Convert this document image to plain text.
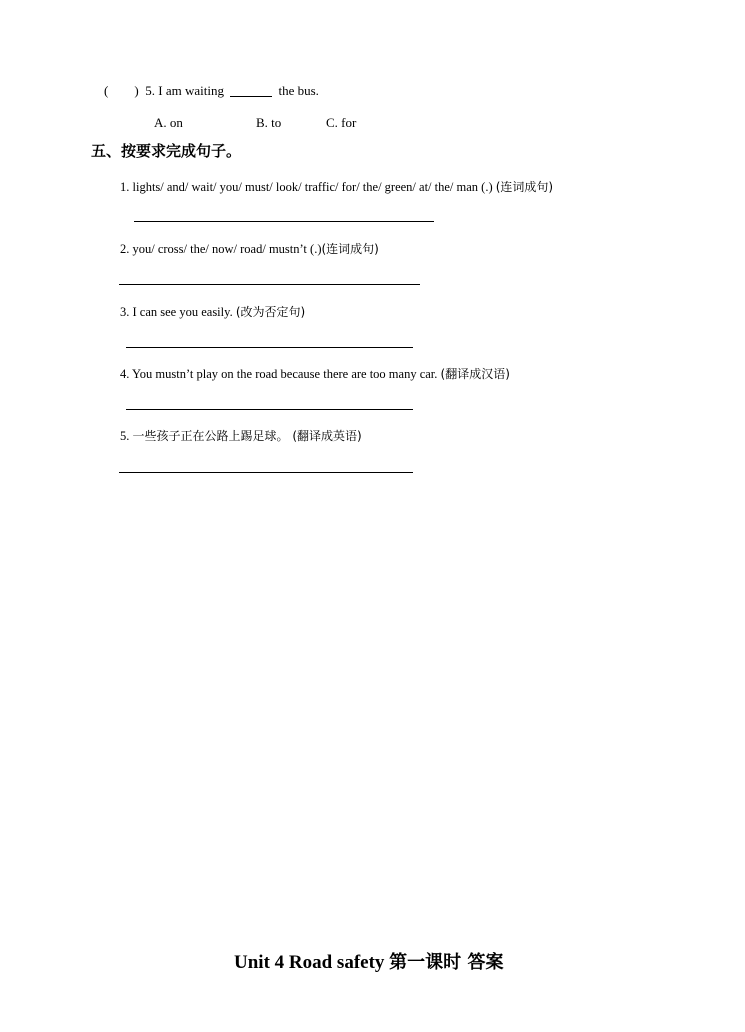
( ) 5. I am waiting	the bus.
A. on	B. to	C. for
五、按要求完成句子。
1. lights/ and/ wait/ you/ must/ look/ traffic/ for/ the/ green/ at/ the/ man (.) (连词成句)
2. you/ cross/ the/ now/ road/ mustn’t (.)(连词成句)
3. I can see you easily. (改为否定句)
4. You mustn’t play on the road because there are too many car. (翻译成汉语)
5. 一些孩子正在公路上踢足球。 (翻译成英语)
Unit 4 Road safety 第一课时 答案
